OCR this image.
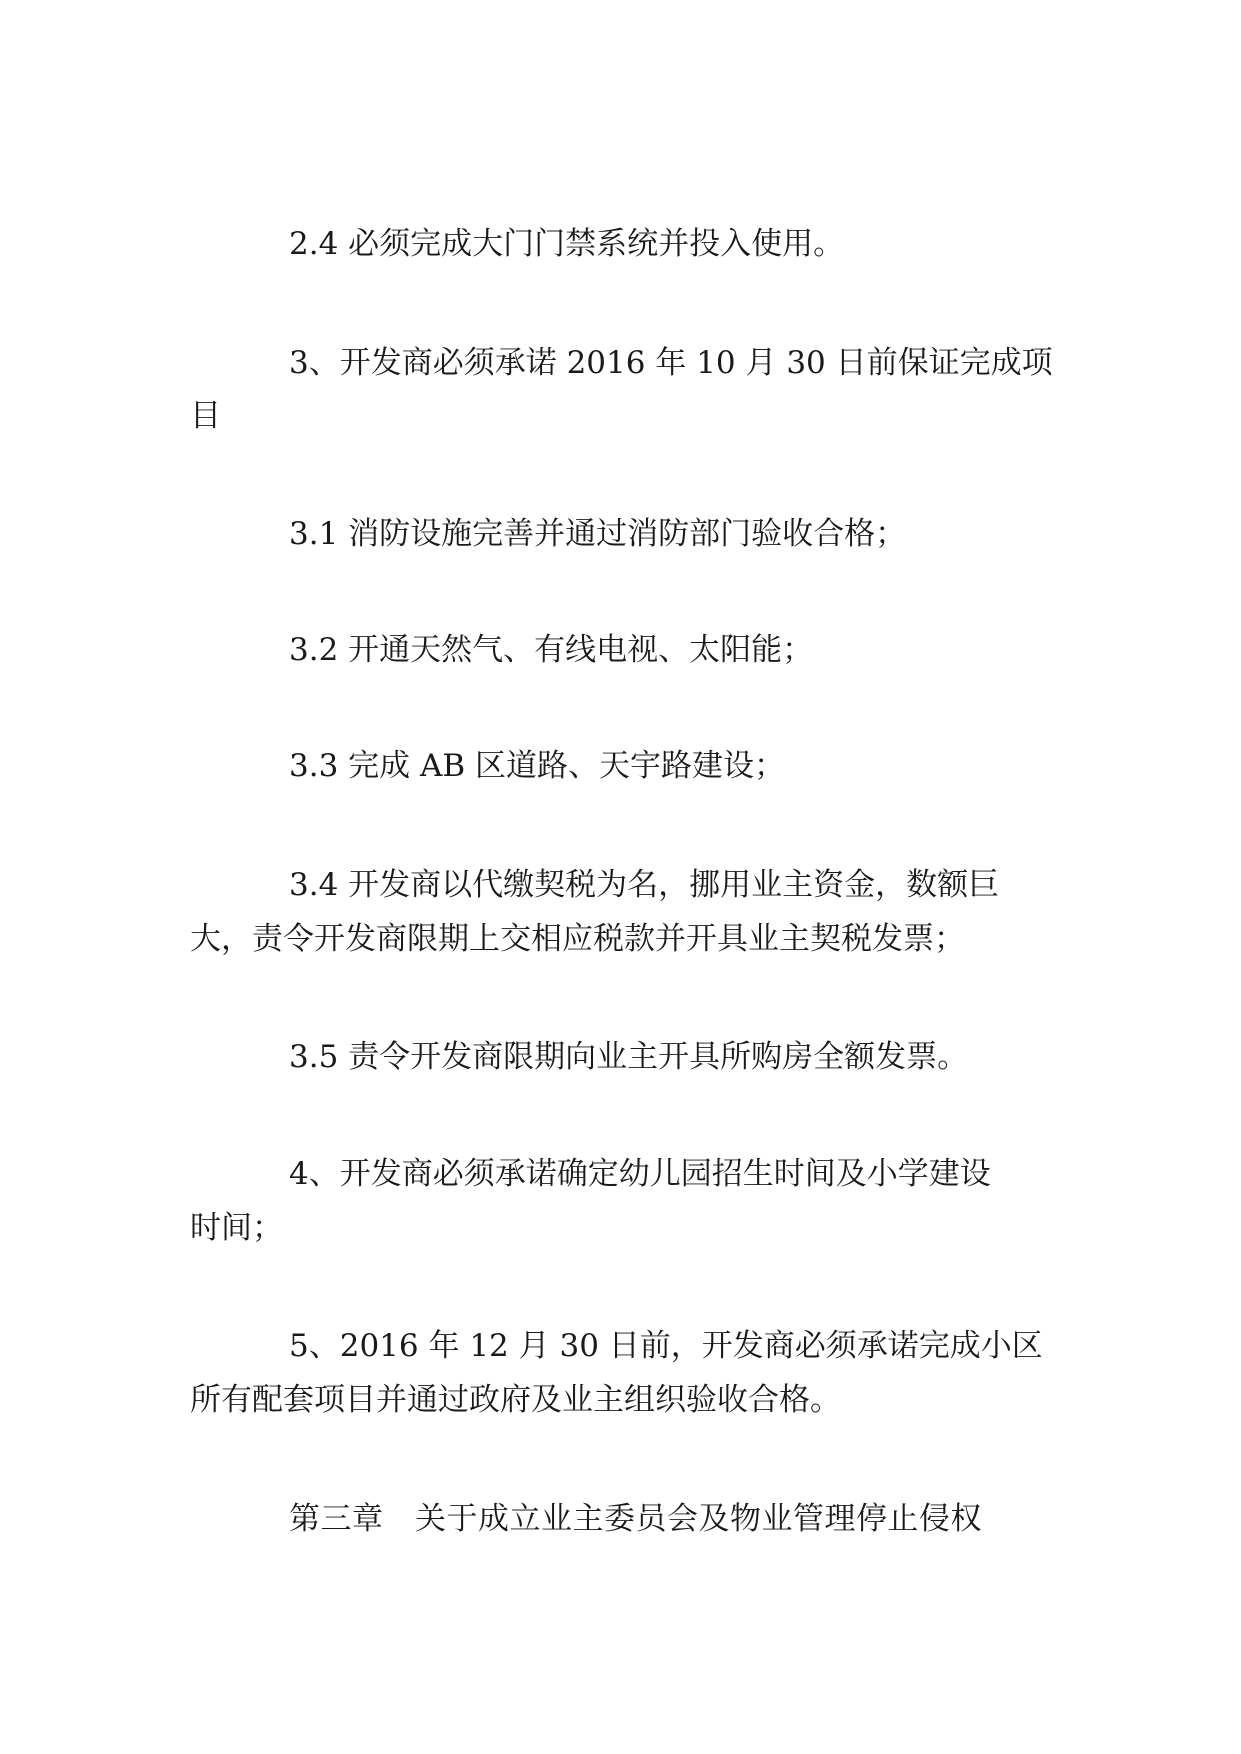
2.4 必须完成大门门禁系统并投入使用。
3、开发商必须承诺 2016 年 10 月 30 日前保证完成项
目
3.1 消防设施完善并通过消防部门验收合格；
3.2 开通天然气、有线电视、太阳能；
3.3 完成 AB 区道路、天宇路建设；
3.4 开发商以代缴契税为名，挪用业主资金，数额巨
大，责令开发商限期上交相应税款并开具业主契税发票；
3.5 责令开发商限期向业主开具所购房全额发票。
4、开发商必须承诺确定幼儿园招生时间及小学建设
时间；
5、2016 年 12 月 30 日前，开发商必须承诺完成小区
所有配套项目并通过政府及业主组织验收合格。
第三章　关于成立业主委员会及物业管理停止侵权
